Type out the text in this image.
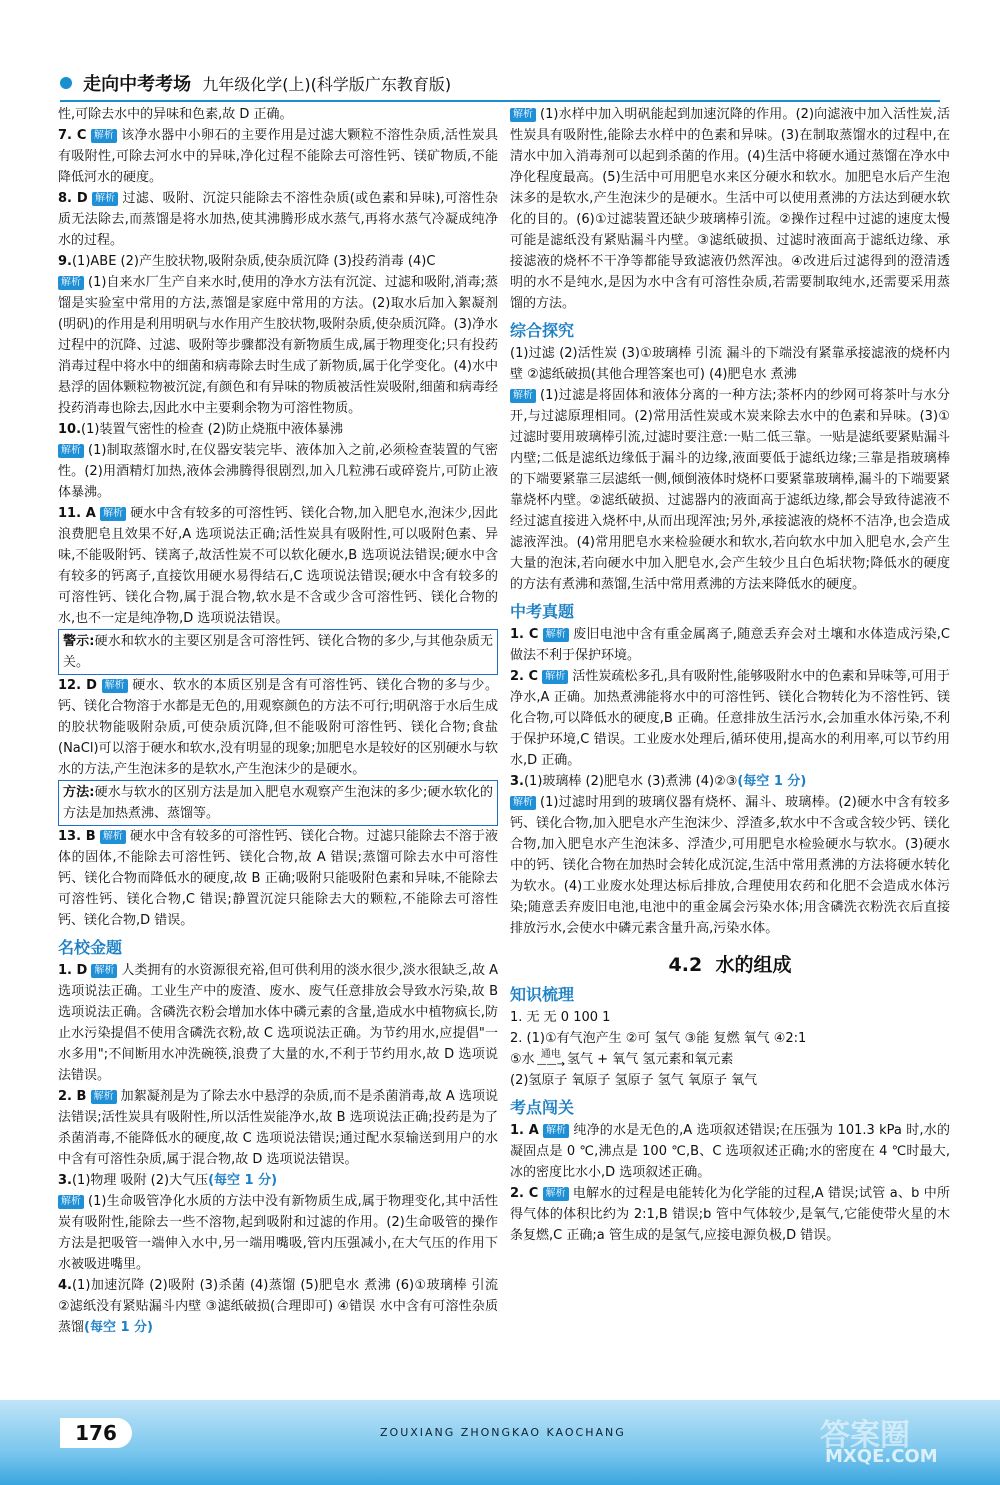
走向中考考场 九年级化学(上)(科学版广东教育版)

性,可除去水中的异味和色素,故 D 正确。

7. C 解析 该净水器中小卵石的主要作用是过滤大颗粒不溶性杂质,活性炭具有吸附性,可除去河水中的异味,净化过程不能除去可溶性钙、镁矿物质,不能降低河水的硬度。

8. D 解析 过滤、吸附、沉淀只能除去不溶性杂质(或色素和异味),可溶性杂质无法除去,而蒸馏是将水加热,使其沸腾形成水蒸气,再将水蒸气冷凝成纯净水的过程。

9.(1)ABE (2)产生胶状物,吸附杂质,使杂质沉降 (3)投药消毒 (4)C

解析 (1)自来水厂生产自来水时,使用的净水方法有沉淀、过滤和吸附,消毒;蒸馏是实验室中常用的方法,蒸馏是家庭中常用的方法。(2)取水后加入絮凝剂(明矾)的作用是利用明矾与水作用产生胶状物,吸附杂质,使杂质沉降。(3)净水过程中的沉降、过滤、吸附等步骤都没有新物质生成,属于物理变化;只有投药消毒过程中将水中的细菌和病毒除去时生成了新物质,属于化学变化。(4)水中悬浮的固体颗粒物被沉淀,有颜色和有异味的物质被活性炭吸附,细菌和病毒经投药消毒也除去,因此水中主要剩余物为可溶性物质。

10.(1)装置气密性的检查 (2)防止烧瓶中液体暴沸

解析 (1)制取蒸馏水时,在仪器安装完毕、液体加入之前,必须检查装置的气密性。(2)用酒精灯加热,液体会沸腾得很剧烈,加入几粒沸石或碎瓷片,可防止液体暴沸。

11. A 解析 硬水中含有较多的可溶性钙、镁化合物,加入肥皂水,泡沫少,因此浪费肥皂且效果不好,A 选项说法正确;活性炭具有吸附性,可以吸附色素、异味,不能吸附钙、镁离子,故活性炭不可以软化硬水,B 选项说法错误;硬水中含有较多的钙离子,直接饮用硬水易得结石,C 选项说法错误;硬水中含有较多的可溶性钙、镁化合物,属于混合物,软水是不含或少含可溶性钙、镁化合物的水,也不一定是纯净物,D 选项说法错误。

警示:硬水和软水的主要区别是含可溶性钙、镁化合物的多少,与其他杂质无关。

12. D 解析 硬水、软水的本质区别是含有可溶性钙、镁化合物的多与少。钙、镁化合物溶于水都是无色的,用观察颜色的方法不可行;明矾溶于水后生成的胶状物能吸附杂质,可使杂质沉降,但不能吸附可溶性钙、镁化合物;食盐(NaCl)可以溶于硬水和软水,没有明显的现象;加肥皂水是较好的区别硬水与软水的方法,产生泡沫多的是软水,产生泡沫少的是硬水。

方法:硬水与软水的区别方法是加入肥皂水观察产生泡沫的多少;硬水软化的方法是加热煮沸、蒸馏等。

13. B 解析 硬水中含有较多的可溶性钙、镁化合物。过滤只能除去不溶于液体的固体,不能除去可溶性钙、镁化合物,故 A 错误;蒸馏可除去水中可溶性钙、镁化合物而降低水的硬度,故 B 正确;吸附只能吸附色素和异味,不能除去可溶性钙、镁化合物,C 错误;静置沉淀只能除去大的颗粒,不能除去可溶性钙、镁化合物,D 错误。

名校金题

1. D 解析 人类拥有的水资源很充裕,但可供利用的淡水很少,淡水很缺乏,故 A 选项说法正确。工业生产中的废渣、废水、废气任意排放会导致水污染,故 B 选项说法正确。含磷洗衣粉会增加水体中磷元素的含量,造成水中植物疯长,防止水污染提倡不使用含磷洗衣粉,故 C 选项说法正确。为节约用水,应提倡"一水多用";不间断用水冲洗碗筷,浪费了大量的水,不利于节约用水,故 D 选项说法错误。

2. B 解析 加絮凝剂是为了除去水中悬浮的杂质,而不是杀菌消毒,故 A 选项说法错误;活性炭具有吸附性,所以活性炭能净水,故 B 选项说法正确;投药是为了杀菌消毒,不能降低水的硬度,故 C 选项说法错误;通过配水泵输送到用户的水中含有可溶性杂质,属于混合物,故 D 选项说法错误。

3.(1)物理 吸附 (2)大气压(每空 1 分)

解析 (1)生命吸管净化水质的方法中没有新物质生成,属于物理变化,其中活性炭有吸附性,能除去一些不溶物,起到吸附和过滤的作用。(2)生命吸管的操作方法是把吸管一端伸入水中,另一端用嘴吸,管内压强减小,在大气压的作用下水被吸进嘴里。

4.(1)加速沉降 (2)吸附 (3)杀菌 (4)蒸馏 (5)肥皂水 煮沸 (6)①玻璃棒 引流 ②滤纸没有紧贴漏斗内壁 ③滤纸破损(合理即可) ④错误 水中含有可溶性杂质 蒸馏(每空 1 分)

解析 (1)水样中加入明矾能起到加速沉降的作用。(2)向滤液中加入活性炭,活性炭具有吸附性,能除去水样中的色素和异味。(3)在制取蒸馏水的过程中,在清水中加入消毒剂可以起到杀菌的作用。(4)生活中将硬水通过蒸馏在净水中净化程度最高。(5)生活中可用肥皂水来区分硬水和软水。加肥皂水后产生泡沫多的是软水,产生泡沫少的是硬水。生活中可以使用煮沸的方法达到硬水软化的目的。(6)①过滤装置还缺少玻璃棒引流。②操作过程中过滤的速度太慢可能是滤纸没有紧贴漏斗内壁。③滤纸破损、过滤时液面高于滤纸边缘、承接滤液的烧杯不干净等都能导致滤液仍然浑浊。④改进后过滤得到的澄清透明的水不是纯水,是因为水中含有可溶性杂质,若需要制取纯水,还需要采用蒸馏的方法。

综合探究

(1)过滤 (2)活性炭 (3)①玻璃棒 引流 漏斗的下端没有紧靠承接滤液的烧杯内壁 ②滤纸破损(其他合理答案也可) (4)肥皂水 煮沸

解析 (1)过滤是将固体和液体分离的一种方法;茶杯内的纱网可将茶叶与水分开,与过滤原理相同。(2)常用活性炭或木炭来除去水中的色素和异味。(3)①过滤时要用玻璃棒引流,过滤时要注意:一贴二低三靠。一贴是滤纸要紧贴漏斗内壁;二低是滤纸边缘低于漏斗的边缘,液面要低于滤纸边缘;三靠是指玻璃棒的下端要紧靠三层滤纸一侧,倾倒液体时烧杯口要紧靠玻璃棒,漏斗的下端要紧靠烧杯内壁。②滤纸破损、过滤器内的液面高于滤纸边缘,都会导致待滤液不经过滤直接进入烧杯中,从而出现浑浊;另外,承接滤液的烧杯不洁净,也会造成滤液浑浊。(4)常用肥皂水来检验硬水和软水,若向软水中加入肥皂水,会产生大量的泡沫,若向硬水中加入肥皂水,会产生较少且白色垢状物;降低水的硬度的方法有煮沸和蒸馏,生活中常用煮沸的方法来降低水的硬度。

中考真题

1. C 解析 废旧电池中含有重金属离子,随意丢弃会对土壤和水体造成污染,C 做法不利于保护环境。

2. C 解析 活性炭疏松多孔,具有吸附性,能够吸附水中的色素和异味等,可用于净水,A 正确。加热煮沸能将水中的可溶性钙、镁化合物转化为不溶性钙、镁化合物,可以降低水的硬度,B 正确。任意排放生活污水,会加重水体污染,不利于保护环境,C 错误。工业废水处理后,循环使用,提高水的利用率,可以节约用水,D 正确。

3.(1)玻璃棒 (2)肥皂水 (3)煮沸 (4)②③(每空 1 分)

解析 (1)过滤时用到的玻璃仪器有烧杯、漏斗、玻璃棒。(2)硬水中含有较多钙、镁化合物,加入肥皂水产生泡沫少、浮渣多,软水中不含或含较少钙、镁化合物,加入肥皂水产生泡沫多、浮渣少,可用肥皂水检验硬水与软水。(3)硬水中的钙、镁化合物在加热时会转化成沉淀,生活中常用煮沸的方法将硬水转化为软水。(4)工业废水处理达标后排放,合理使用农药和化肥不会造成水体污染;随意丢弃废旧电池,电池中的重金属会污染水体;用含磷洗衣粉洗衣后直接排放污水,会使水中磷元素含量升高,污染水体。

4.2 水的组成
知识梳理

1. 无 无 0 100 1

2. (1)①有气泡产生 ②可 氢气 ③能 复燃 氧气 ④2:1

⑤水 通电
——→ 氢气 + 氧气 氢元素和氧元素

(2)氢原子 氧原子 氢原子 氢气 氧原子 氧气

考点闯关

1. A 解析 纯净的水是无色的,A 选项叙述错误;在压强为 101.3 kPa 时,水的凝固点是 0 ℃,沸点是 100 ℃,B、C 选项叙述正确;水的密度在 4 ℃时最大,冰的密度比水小,D 选项叙述正确。

2. C 解析 电解水的过程是电能转化为化学能的过程,A 错误;试管 a、b 中所得气体的体积比约为 2:1,B 错误;b 管中气体较少,是氧气,它能使带火星的木条复燃,C 正确;a 管生成的是氢气,应接电源负极,D 错误。

176	ZOUXIANG ZHONGKAO KAOCHANG	答案圈
MXQE.COM
